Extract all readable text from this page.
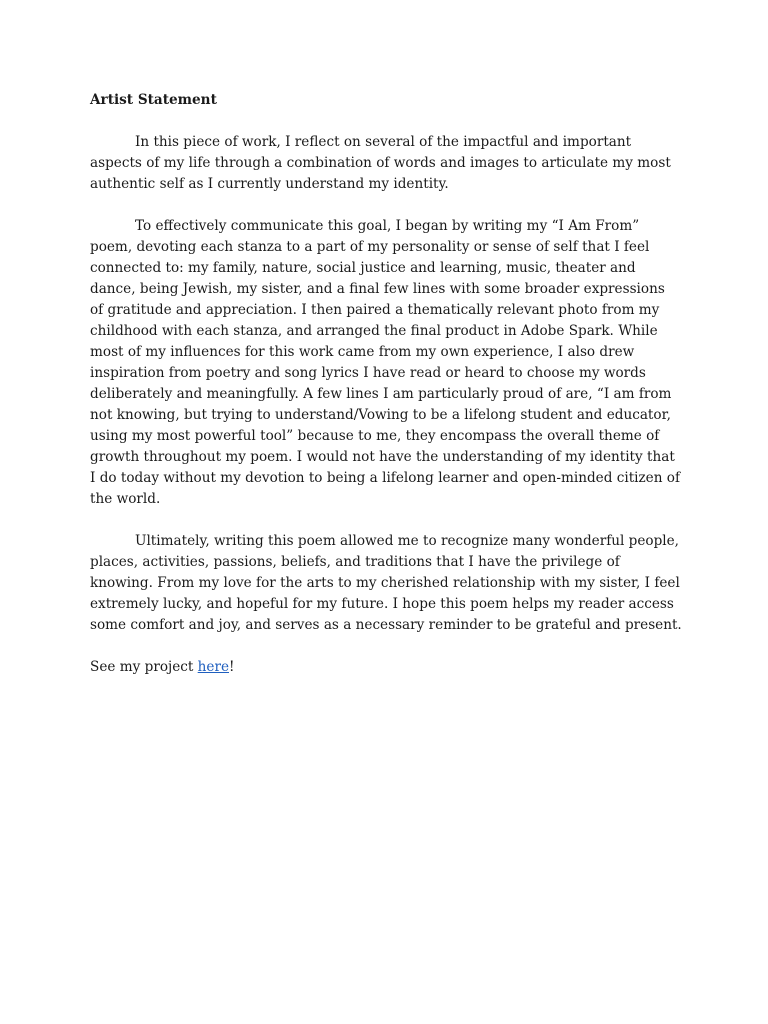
Artist Statement

In this piece of work, I reflect on several of the impactful and important aspects of my life through a combination of words and images to articulate my most authentic self as I currently understand my identity.

To effectively communicate this goal, I began by writing my “I Am From” poem, devoting each stanza to a part of my personality or sense of self that I feel connected to: my family, nature, social justice and learning, music, theater and dance, being Jewish, my sister, and a final few lines with some broader expressions of gratitude and appreciation. I then paired a thematically relevant photo from my childhood with each stanza, and arranged the final product in Adobe Spark. While most of my influences for this work came from my own experience, I also drew inspiration from poetry and song lyrics I have read or heard to choose my words deliberately and meaningfully. A few lines I am particularly proud of are, “I am from not knowing, but trying to understand/Vowing to be a lifelong student and educator, using my most powerful tool” because to me, they encompass the overall theme of growth throughout my poem. I would not have the understanding of my identity that I do today without my devotion to being a lifelong learner and open-minded citizen of the world.

Ultimately, writing this poem allowed me to recognize many wonderful people, places, activities, passions, beliefs, and traditions that I have the privilege of knowing. From my love for the arts to my cherished relationship with my sister, I feel extremely lucky, and hopeful for my future. I hope this poem helps my reader access some comfort and joy, and serves as a necessary reminder to be grateful and present.

See my project here!
